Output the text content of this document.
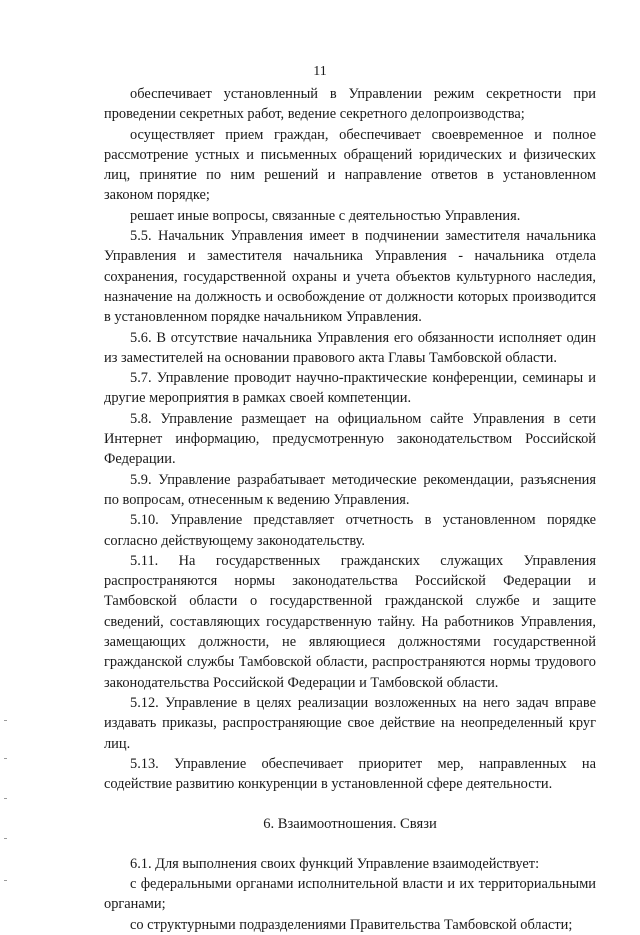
11

обеспечивает установленный в Управлении режим секретности при проведении секретных работ, ведение секретного делопроизводства;

осуществляет прием граждан, обеспечивает своевременное и полное рассмотрение устных и письменных обращений юридических и физических лиц, принятие по ним решений и направление ответов в установленном законом порядке;

решает иные вопросы, связанные с деятельностью Управления.

5.5. Начальник Управления имеет в подчинении заместителя начальника Управления и заместителя начальника Управления - начальника отдела сохранения, государственной охраны и учета объектов культурного наследия, назначение на должность и освобождение от должности которых производится в установленном порядке начальником Управления.

5.6. В отсутствие начальника Управления его обязанности исполняет один из заместителей на основании правового акта Главы Тамбовской области.

5.7. Управление проводит научно-практические конференции, семинары и другие мероприятия в рамках своей компетенции.

5.8. Управление размещает на официальном сайте Управления в сети Интернет информацию, предусмотренную законодательством Российской Федерации.

5.9. Управление разрабатывает методические рекомендации, разъяснения по вопросам, отнесенным к ведению Управления.

5.10. Управление представляет отчетность в установленном порядке согласно действующему законодательству.

5.11. На государственных гражданских служащих Управления распространяются нормы законодательства Российской Федерации и Тамбовской области о государственной гражданской службе и защите сведений, составляющих государственную тайну. На работников Управления, замещающих должности, не являющиеся должностями государственной гражданской службы Тамбовской области, распространяются нормы трудового законодательства Российской Федерации и Тамбовской области.

5.12. Управление в целях реализации возложенных на него задач вправе издавать приказы, распространяющие свое действие на неопределенный круг лиц.

5.13. Управление обеспечивает приоритет мер, направленных на содействие развитию конкуренции в установленной сфере деятельности.

6. Взаимоотношения. Связи

6.1. Для выполнения своих функций Управление взаимодействует:

с федеральными органами исполнительной власти и их территориальными органами;

со структурными подразделениями Правительства Тамбовской области;
